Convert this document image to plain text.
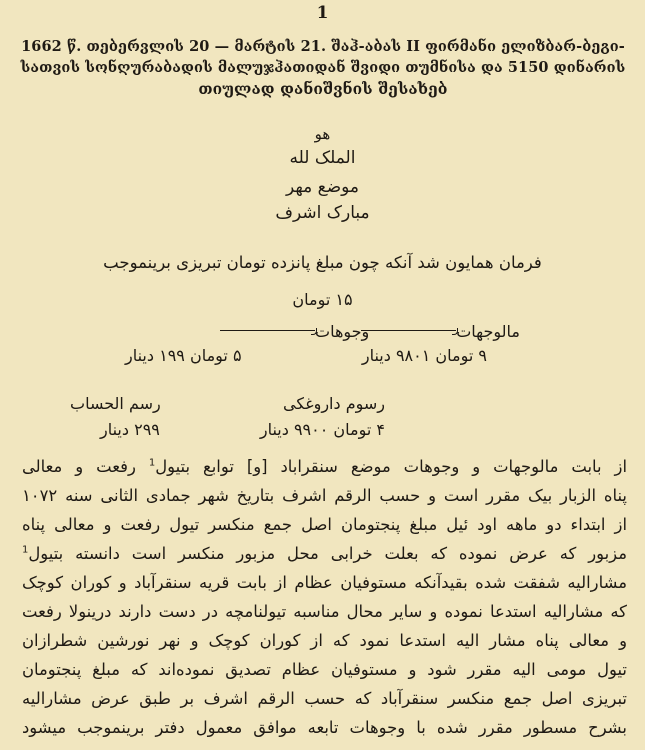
1
1662 წ. თებერვლის 20 — მარტის 21. შაჰ-აბას II ფირმანი ელიზბარ-ბეგი-
სათვის სონღურაბადის მალუჯჰათიდან შვიდი თუმნისა და 5150 დინარის
თიულად დანიშვნის შესახებ
هو
الملک لله
موضع مهر
مبارک اشرف
فرمان همایون شد آنکه چون مبلغ پانزده تومان تبریزی برینموجب
۱۵ تومان
مالوجهات
۹ تومان ۹۸۰۱ دینار
وجوهات
۵ تومان ۱۹۹ دینار
رسوم داروغکی
۴ تومان ۹۹۰۰ دینار
رسم الحساب
۲۹۹ دینار
از بابت مالوجهات و وجوهات موضع سنقراباد [و] توابع بتیول$^1$ رفعت و معالی
پناه الزبار بیک مقرر است و حسب الرقم اشرف بتاریخ شهر جمادی الثانی سنه ۱۰۷۲
از ابتداء دو ماهه اود ئیل مبلغ پنجتومان اصل جمع منکسر تیول رفعت و معالی پناه
مزبور که عرض نموده که بعلت خرابی محل مزبور منکسر است دانسته بتیول$^1$
مشارالیه شفقت شده بقیدآنکه مستوفیان عظام از بابت قریه سنقرآباد و کوران کوچک
که مشارالیه استدعا نموده و سایر محال مناسبه تیولنامچه در دست دارند درینولا رفعت
و معالی پناه مشار الیه استدعا نمود که از کوران کوچک و نهر نورشین شطرازان
تیول مومی الیه مقرر شود و مستوفیان عظام تصدیق نموده‌اند که مبلغ پنجتومان
تبریزی اصل جمع منکسر سنقرآباد که حسب الرقم اشرف بر طبق عرض مشارالیه
بشرح مسطور مقرر شده با وجوهات تابعه موافق معمول دفتر برینموجب میشود
